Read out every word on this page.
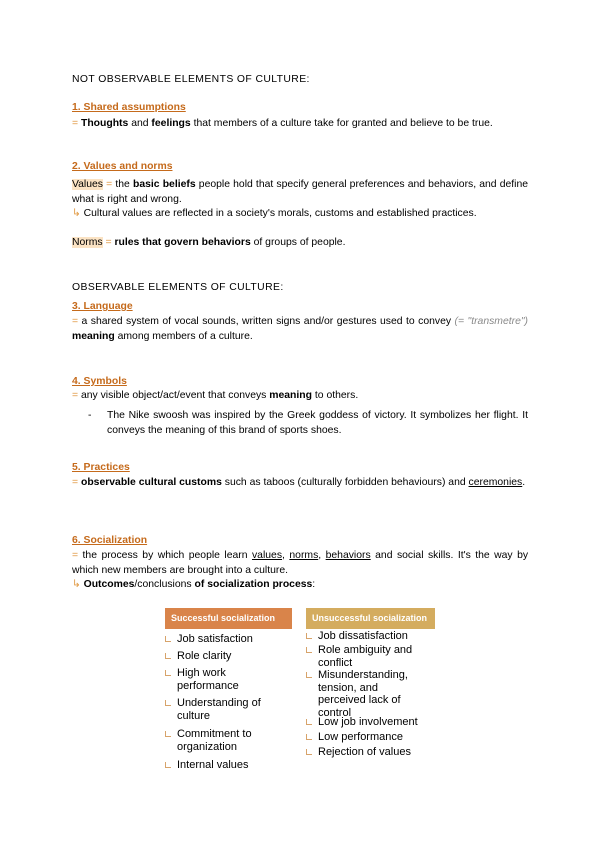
NOT OBSERVABLE ELEMENTS OF CULTURE:
1. Shared assumptions
= Thoughts and feelings that members of a culture take for granted and believe to be true.
2. Values and norms
Values = the basic beliefs people hold that specify general preferences and behaviors, and define what is right and wrong.
↳ Cultural values are reflected in a society's morals, customs and established practices.
Norms = rules that govern behaviors of groups of people.
OBSERVABLE ELEMENTS OF CULTURE:
3. Language
= a shared system of vocal sounds, written signs and/or gestures used to convey (= "transmetre") meaning among members of a culture.
4. Symbols
= any visible object/act/event that conveys meaning to others.
- The Nike swoosh was inspired by the Greek goddess of victory. It symbolizes her flight. It conveys the meaning of this brand of sports shoes.
5. Practices
= observable cultural customs such as taboos (culturally forbidden behaviours) and ceremonies.
6. Socialization
= the process by which people learn values, norms, behaviors and social skills. It's the way by which new members are brought into a culture.
↳ Outcomes/conclusions of socialization process:
Successful socialization
Job satisfaction
Role clarity
High work performance
Understanding of culture
Commitment to organization
Internal values
Unsuccessful socialization
Job dissatisfaction
Role ambiguity and conflict
Misunderstanding, tension, and perceived lack of control
Low job involvement
Low performance
Rejection of values
